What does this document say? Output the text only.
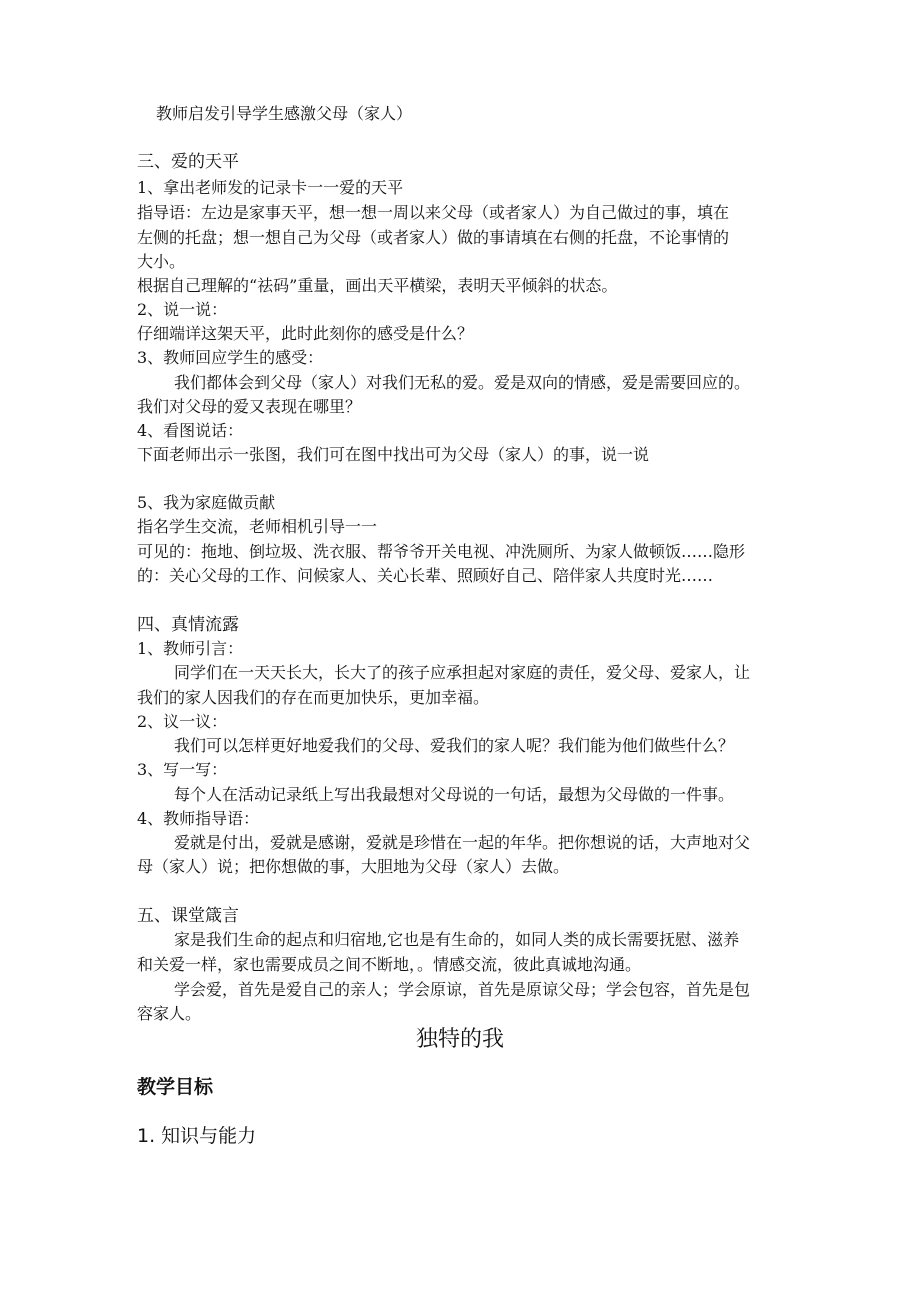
教师启发引导学生感激父母（家人）
三、爱的天平
1、拿出老师发的记录卡一一爱的天平
指导语：左边是家事天平，想一想一周以来父母（或者家人）为自己做过的事，填在
左侧的托盘；想一想自己为父母（或者家人）做的事请填在右侧的托盘，不论事情的
大小。
根据自己理解的“祛码”重量，画出天平横梁，表明天平倾斜的状态。
2、说一说：
仔细端详这架天平，此时此刻你的感受是什么？
3、教师回应学生的感受：
我们都体会到父母（家人）对我们无私的爱。爱是双向的情感，爱是需要回应的。
我们对父母的爱又表现在哪里？
4、看图说话：
下面老师出示一张图，我们可在图中找出可为父母（家人）的事，说一说
5、我为家庭做贡献
指名学生交流，老师相机引导一一
可见的：拖地、倒垃圾、洗衣服、帮爷爷开关电视、冲洗厕所、为家人做顿饭……隐形
的：关心父母的工作、问候家人、关心长辈、照顾好自己、陪伴家人共度时光……
四、真情流露
1、教师引言：
同学们在一天天长大，长大了的孩子应承担起对家庭的责任，爱父母、爱家人，让
我们的家人因我们的存在而更加快乐，更加幸福。
2、议一议：
我们可以怎样更好地爱我们的父母、爱我们的家人呢？我们能为他们做些什么？
3、写一写：
每个人在活动记录纸上写出我最想对父母说的一句话，最想为父母做的一件事。
4、教师指导语：
爱就是付出，爱就是感谢，爱就是珍惜在一起的年华。把你想说的话，大声地对父
母（家人）说；把你想做的事，大胆地为父母（家人）去做。
五、课堂箴言
家是我们生命的起点和归宿地,它也是有生命的，如同人类的成长需要抚慰、滋养
和关爱一样，家也需要成员之间不断地，。情感交流，彼此真诚地沟通。
学会爱，首先是爱自己的亲人；学会原谅，首先是原谅父母；学会包容，首先是包
容家人。
独特的我
教学目标
1. 知识与能力
